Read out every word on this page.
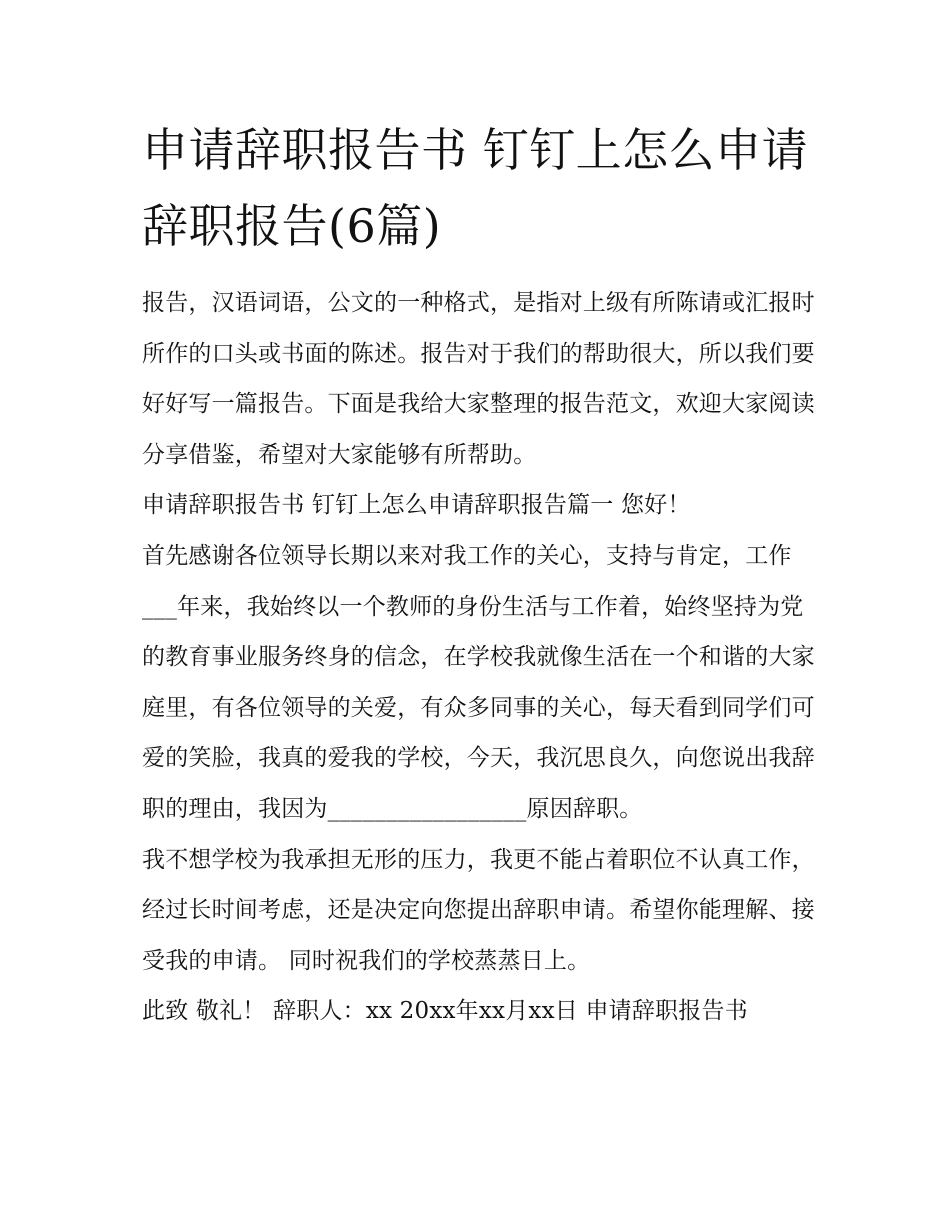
申请辞职报告书 钉钉上怎么申请辞职报告(6篇)

报告，汉语词语，公文的一种格式，是指对上级有所陈请或汇报时所作的口头或书面的陈述。报告对于我们的帮助很大，所以我们要好好写一篇报告。下面是我给大家整理的报告范文，欢迎大家阅读分享借鉴，希望对大家能够有所帮助。

申请辞职报告书 钉钉上怎么申请辞职报告篇一 您好！

首先感谢各位领导长期以来对我工作的关心，支持与肯定，工作___年来，我始终以一个教师的身份生活与工作着，始终坚持为党的教育事业服务终身的信念，在学校我就像生活在一个和谐的大家庭里，有各位领导的关爱，有众多同事的关心，每天看到同学们可爱的笑脸，我真的爱我的学校，今天，我沉思良久，向您说出我辞职的理由，我因为_________________原因辞职。

我不想学校为我承担无形的压力，我更不能占着职位不认真工作，经过长时间考虑，还是决定向您提出辞职申请。希望你能理解、接受我的申请。 同时祝我们的学校蒸蒸日上。

此致 敬礼！ 辞职人：xx 20xx年xx月xx日 申请辞职报告书
